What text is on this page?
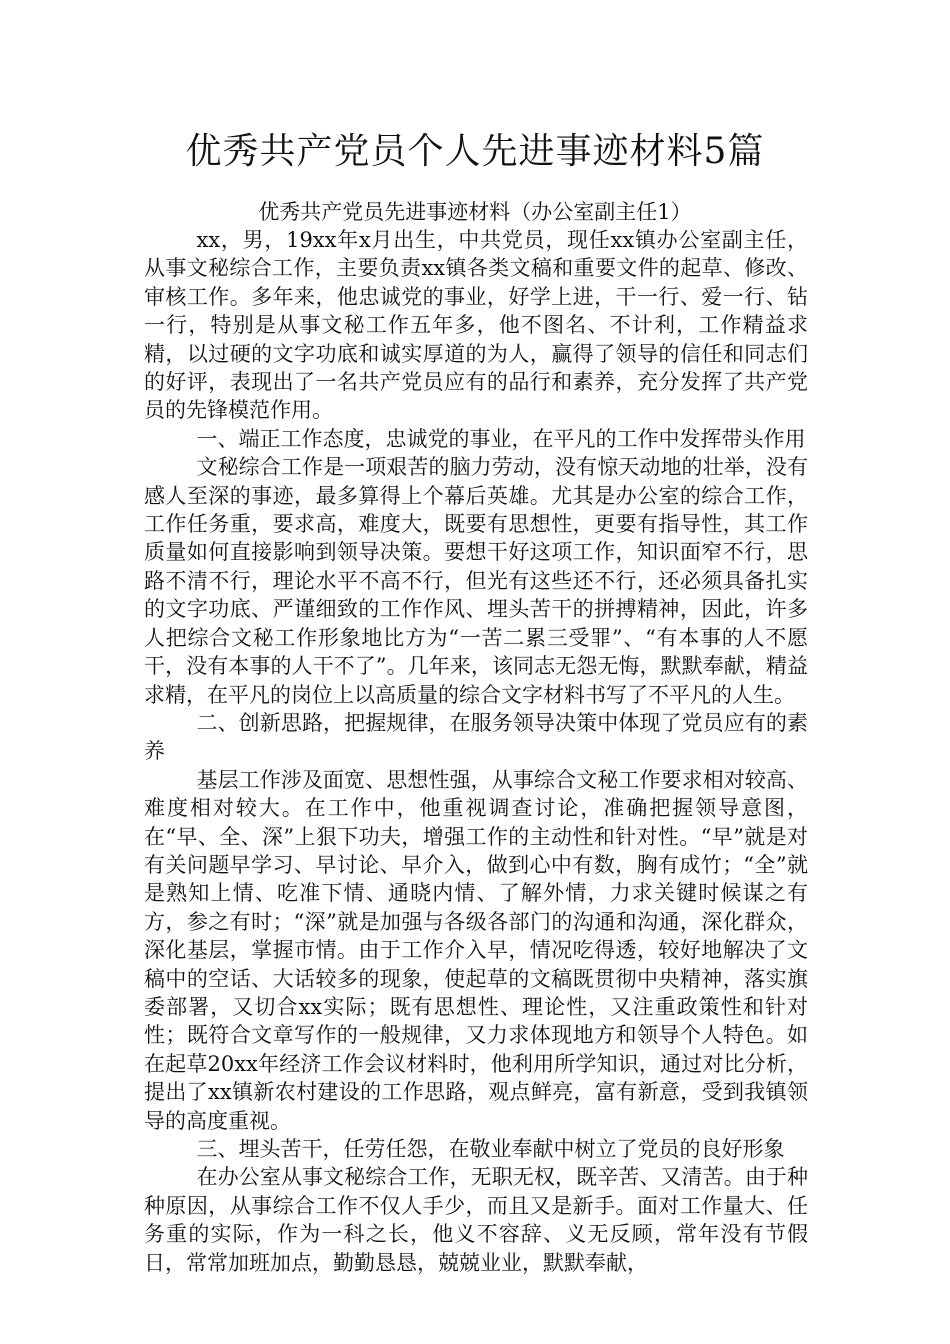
优秀共产党员个人先进事迹材料5篇
优秀共产党员先进事迹材料（办公室副主任1）

xx，男，19xx年x月出生，中共党员，现任xx镇办公室副主任，从事文秘综合工作，主要负责xx镇各类文稿和重要文件的起草、修改、审核工作。多年来，他忠诚党的事业，好学上进，干一行、爱一行、钻一行，特别是从事文秘工作五年多，他不图名、不计利，工作精益求精，以过硬的文字功底和诚实厚道的为人，赢得了领导的信任和同志们的好评，表现出了一名共产党员应有的品行和素养，充分发挥了共产党员的先锋模范作用。

一、端正工作态度，忠诚党的事业，在平凡的工作中发挥带头作用

文秘综合工作是一项艰苦的脑力劳动，没有惊天动地的壮举，没有感人至深的事迹，最多算得上个幕后英雄。尤其是办公室的综合工作，工作任务重，要求高，难度大，既要有思想性，更要有指导性，其工作质量如何直接影响到领导决策。要想干好这项工作，知识面窄不行，思路不清不行，理论水平不高不行，但光有这些还不行，还必须具备扎实的文字功底、严谨细致的工作作风、埋头苦干的拼搏精神，因此，许多人把综合文秘工作形象地比方为“一苦二累三受罪”、“有本事的人不愿干，没有本事的人干不了”。几年来，该同志无怨无悔，默默奉献，精益求精，在平凡的岗位上以高质量的综合文字材料书写了不平凡的人生。

二、创新思路，把握规律，在服务领导决策中体现了党员应有的素养

基层工作涉及面宽、思想性强，从事综合文秘工作要求相对较高、难度相对较大。在工作中，他重视调查讨论，准确把握领导意图，在“早、全、深”上狠下功夫，增强工作的主动性和针对性。“早”就是对有关问题早学习、早讨论、早介入，做到心中有数，胸有成竹；“全”就是熟知上情、吃准下情、通晓内情、了解外情，力求关键时候谋之有方，参之有时；“深”就是加强与各级各部门的沟通和沟通，深化群众，深化基层，掌握市情。由于工作介入早，情况吃得透，较好地解决了文稿中的空话、大话较多的现象，使起草的文稿既贯彻中央精神，落实旗委部署，又切合xx实际；既有思想性、理论性，又注重政策性和针对性；既符合文章写作的一般规律，又力求体现地方和领导个人特色。如在起草20xx年经济工作会议材料时，他利用所学知识，通过对比分析，提出了xx镇新农村建设的工作思路，观点鲜亮，富有新意，受到我镇领导的高度重视。

三、埋头苦干，任劳任怨，在敬业奉献中树立了党员的良好形象

在办公室从事文秘综合工作，无职无权，既辛苦、又清苦。由于种种原因，从事综合工作不仅人手少，而且又是新手。面对工作量大、任务重的实际，作为一科之长，他义不容辞、义无反顾，常年没有节假日，常常加班加点，勤勤恳恳，兢兢业业，默默奉献，
